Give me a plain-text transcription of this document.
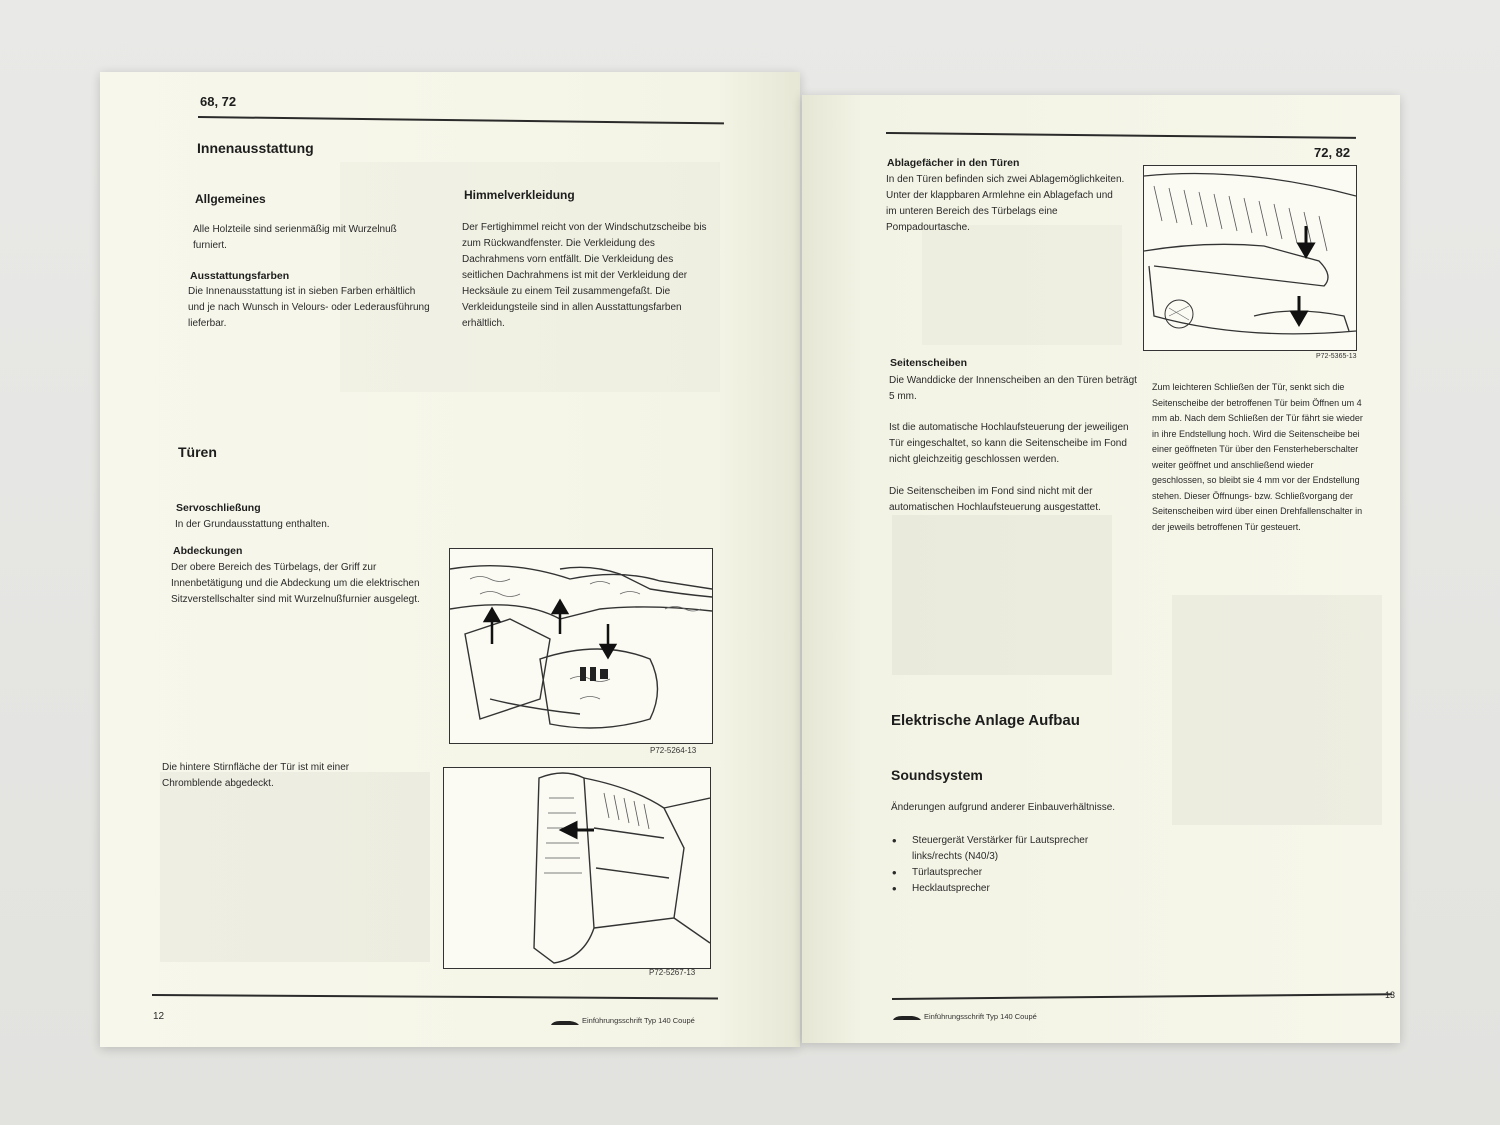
68, 72
Innenausstattung
Allgemeines
Alle Holzteile sind serienmäßig mit Wurzelnuß furniert.
Ausstattungsfarben
Die Innenausstattung ist in sieben Farben erhältlich und je nach Wunsch in Velours- oder Lederausführung lieferbar.
Himmelverkleidung
Der Fertighimmel reicht von der Windschutzscheibe bis zum Rückwandfenster. Die Verkleidung des Dachrahmens vorn entfällt. Die Verkleidung des seitlichen Dachrahmens ist mit der Verkleidung der Hecksäule zu einem Teil zusammengefaßt. Die Verkleidungsteile sind in allen Ausstattungsfarben erhältlich.
Türen
Servoschließung
In der Grundausstattung enthalten.
Abdeckungen
Der obere Bereich des Türbelags, der Griff zur Innenbetätigung und die Abdeckung um die elektrischen Sitzverstellschalter sind mit Wurzelnußfurnier ausgelegt.
P72-5264-13
Die hintere Stirnfläche der Tür ist mit einer Chromblende abgedeckt.
P72-5267-13
12	Einführungsschrift Typ 140 Coupé
72, 82
Ablagefächer in den Türen
In den Türen befinden sich zwei Ablagemöglichkeiten. Unter der klappbaren Armlehne ein Ablagefach und im unteren Bereich des Türbelags eine Pompadourtasche.
P72-5365-13
Seitenscheiben
Die Wanddicke der Innenscheiben an den Türen beträgt 5 mm.
Ist die automatische Hochlaufsteuerung der jeweiligen Tür eingeschaltet, so kann die Seitenscheibe im Fond nicht gleichzeitig geschlossen werden.
Die Seitenscheiben im Fond sind nicht mit der automatischen Hochlaufsteuerung ausgestattet.
Zum leichteren Schließen der Tür, senkt sich die Seitenscheibe der betroffenen Tür beim Öffnen um 4 mm ab. Nach dem Schließen der Tür fährt sie wieder in ihre Endstellung hoch. Wird die Seitenscheibe bei einer geöffneten Tür über den Fensterheberschalter weiter geöffnet und anschließend wieder geschlossen, so bleibt sie 4 mm vor der Endstellung stehen. Dieser Öffnungs- bzw. Schließvorgang der Seitenscheiben wird über einen Drehfallenschalter in der jeweils betroffenen Tür gesteuert.
Elektrische Anlage Aufbau
Soundsystem
Änderungen aufgrund anderer Einbauverhältnisse.
• Steuergerät Verstärker für Lautsprecher links/rechts (N40/3)
• Türlautsprecher
• Hecklautsprecher
13
Einführungsschrift Typ 140 Coupé
